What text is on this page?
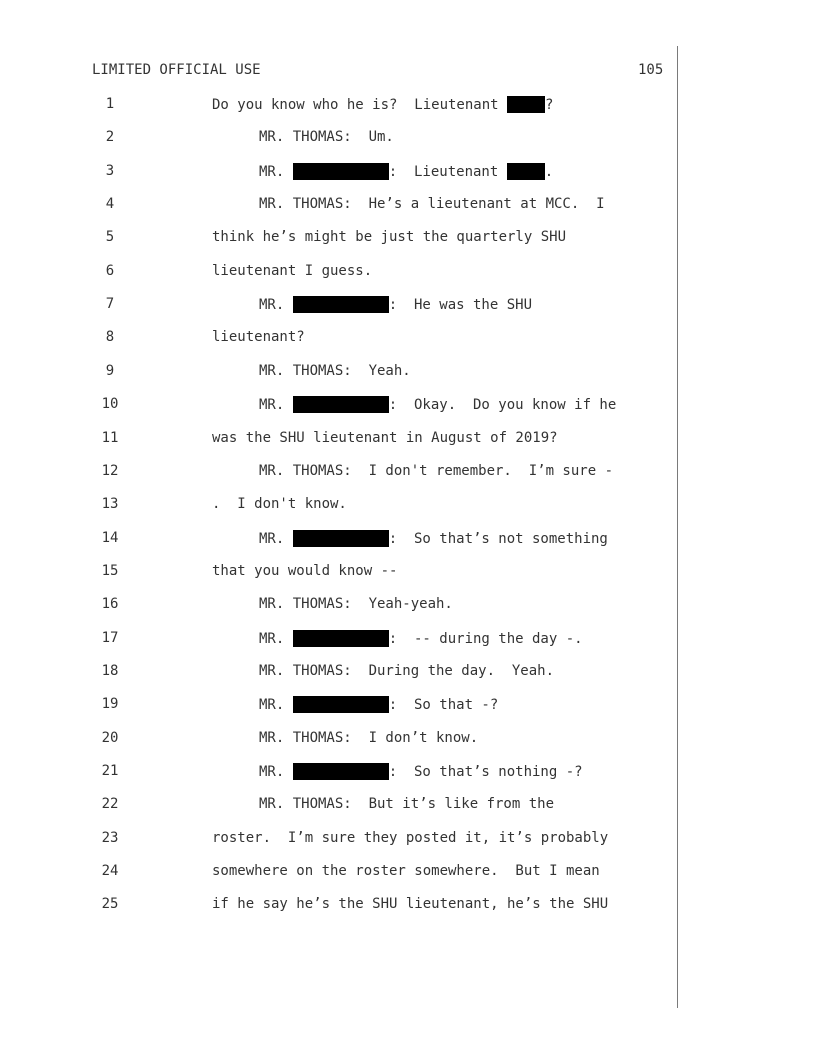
LIMITED OFFICIAL USE	105
1	Do you know who he is?  Lieutenant	?
2	MR. THOMAS:  Um.
3	MR.	:  Lieutenant	.
4	MR. THOMAS:  He’s a lieutenant at MCC.  I
5	think he’s might be just the quarterly SHU
6	lieutenant I guess.
7	MR.	:  He was the SHU
8	lieutenant?
9	MR. THOMAS:  Yeah.
10	MR.	:  Okay.  Do you know if he
11	was the SHU lieutenant in August of 2019?
12	MR. THOMAS:  I don't remember.  I’m sure -
13	.  I don't know.
14	MR.	:  So that’s not something
15	that you would know --
16	MR. THOMAS:  Yeah-yeah.
17	MR.	:  -- during the day -.
18	MR. THOMAS:  During the day.  Yeah.
19	MR.	:  So that -?
20	MR. THOMAS:  I don’t know.
21	MR.	:  So that’s nothing -?
22	MR. THOMAS:  But it’s like from the
23	roster.  I’m sure they posted it, it’s probably
24	somewhere on the roster somewhere.  But I mean
25	if he say he’s the SHU lieutenant, he’s the SHU
